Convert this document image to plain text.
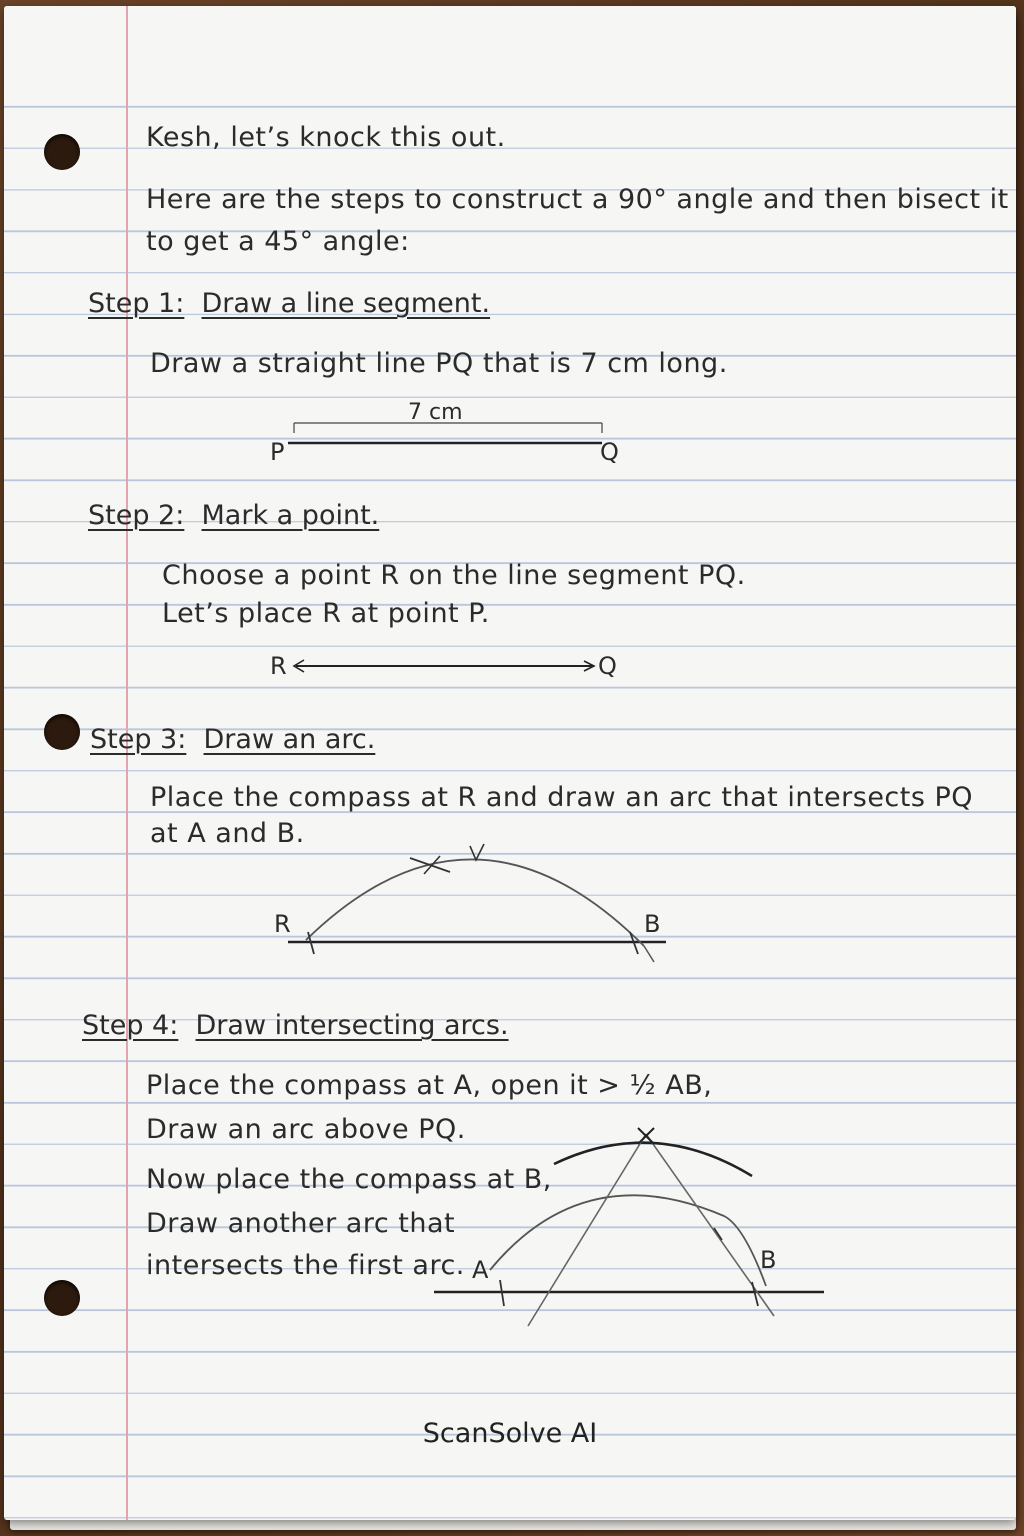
Kesh, let’s knock this out.
Here are the steps to construct a 90° angle and then bisect it
to get a 45° angle:
Step 1: Draw a line segment.
Draw a straight line PQ that is 7 cm long.
7 cm
P	Q
Step 2: Mark a point.
Choose a point R on the line segment PQ.
Let’s place R at point P.
R	Q
Step 3: Draw an arc.
Place the compass at R and draw an arc that intersects PQ
at A and B.
R	B
Step 4: Draw intersecting arcs.
Place the compass at A, open it > ½ AB,
Draw an arc above PQ.
Now place the compass at B,
Draw another arc that
intersects the first arc. A	B
ScanSolve AI
